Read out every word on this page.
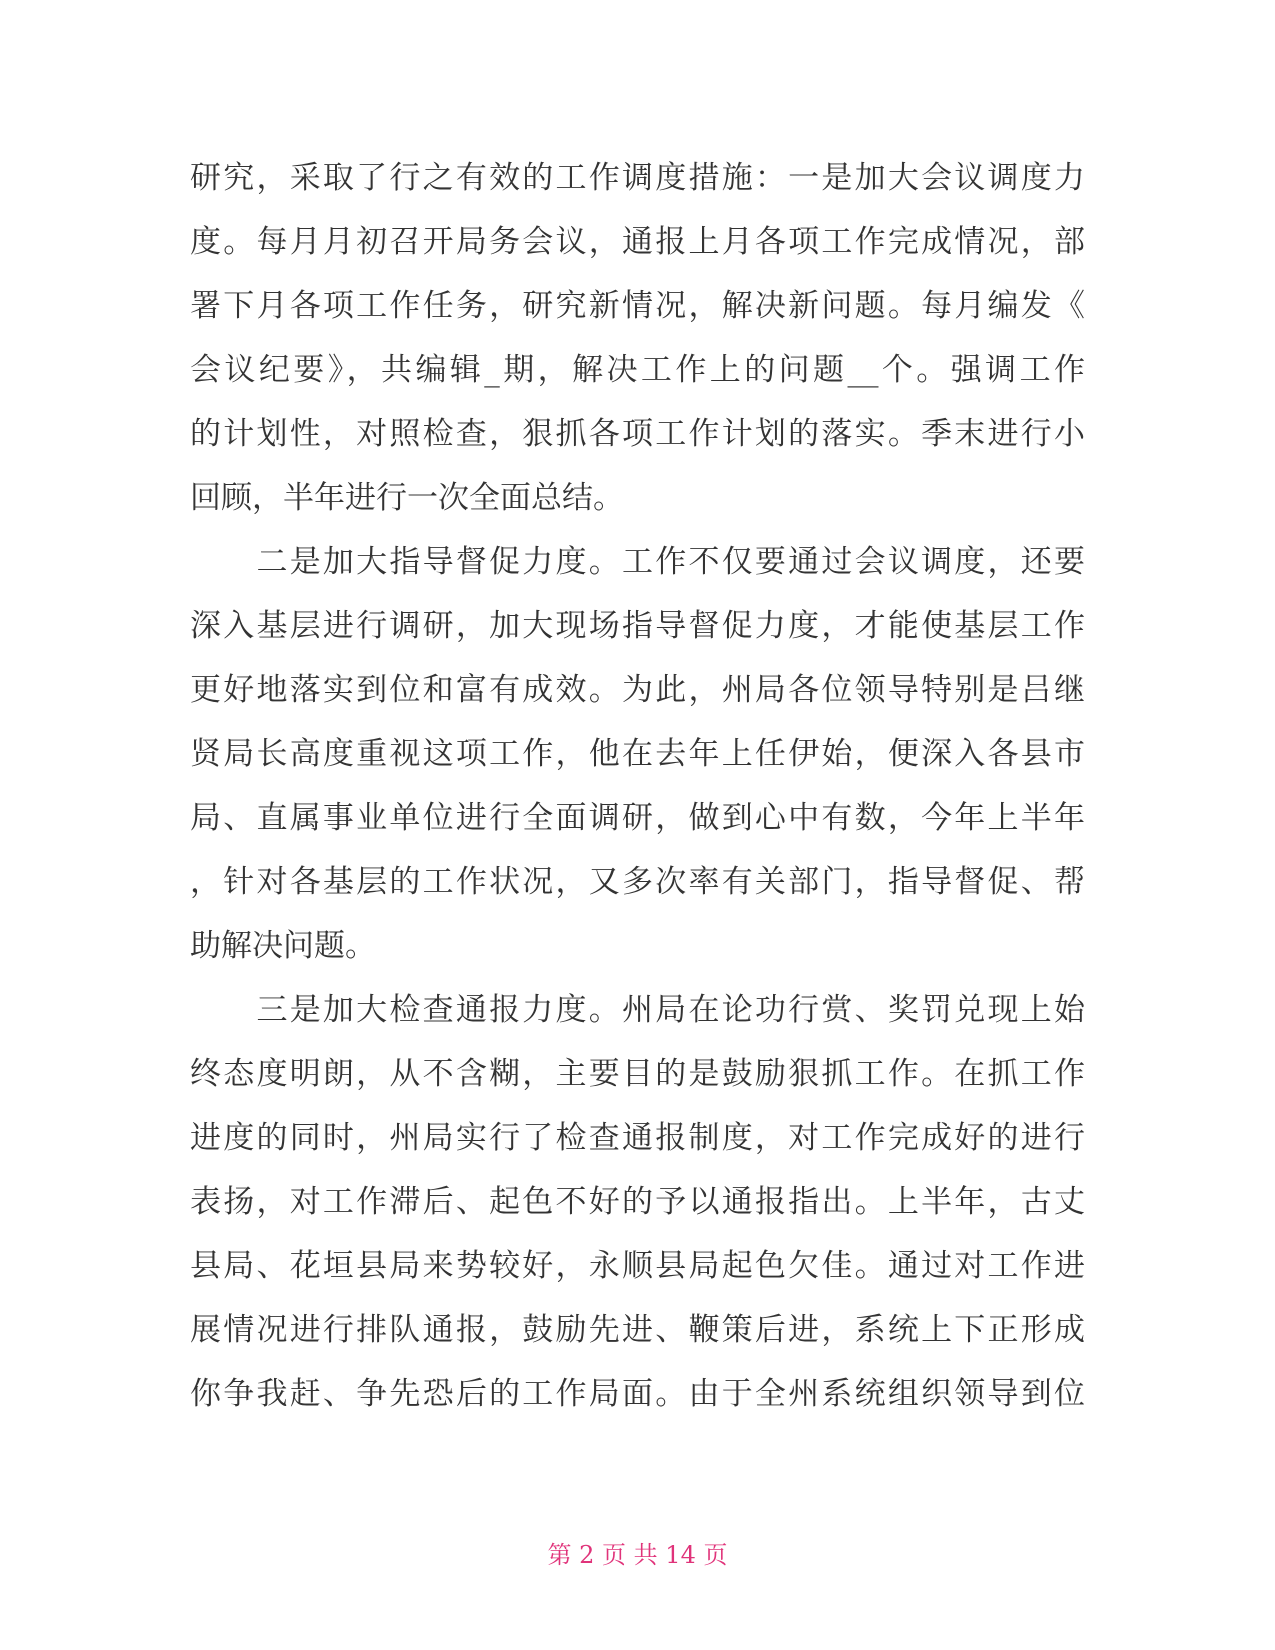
研究，采取了行之有效的工作调度措施：一是加大会议调度力
度。每月月初召开局务会议，通报上月各项工作完成情况，部
署下月各项工作任务，研究新情况，解决新问题。每月编发《
会议纪要》，共编辑_期，解决工作上的问题__个。强调工作
的计划性，对照检查，狠抓各项工作计划的落实。季末进行小
回顾，半年进行一次全面总结。
　　二是加大指导督促力度。工作不仅要通过会议调度，还要
深入基层进行调研，加大现场指导督促力度，才能使基层工作
更好地落实到位和富有成效。为此，州局各位领导特别是吕继
贤局长高度重视这项工作，他在去年上任伊始，便深入各县市
局、直属事业单位进行全面调研，做到心中有数，今年上半年
，针对各基层的工作状况，又多次率有关部门，指导督促、帮
助解决问题。
　　三是加大检查通报力度。州局在论功行赏、奖罚兑现上始
终态度明朗，从不含糊，主要目的是鼓励狠抓工作。在抓工作
进度的同时，州局实行了检查通报制度，对工作完成好的进行
表扬，对工作滞后、起色不好的予以通报指出。上半年，古丈
县局、花垣县局来势较好，永顺县局起色欠佳。通过对工作进
展情况进行排队通报，鼓励先进、鞭策后进，系统上下正形成
你争我赶、争先恐后的工作局面。由于全州系统组织领导到位
第 2 页 共 14 页
